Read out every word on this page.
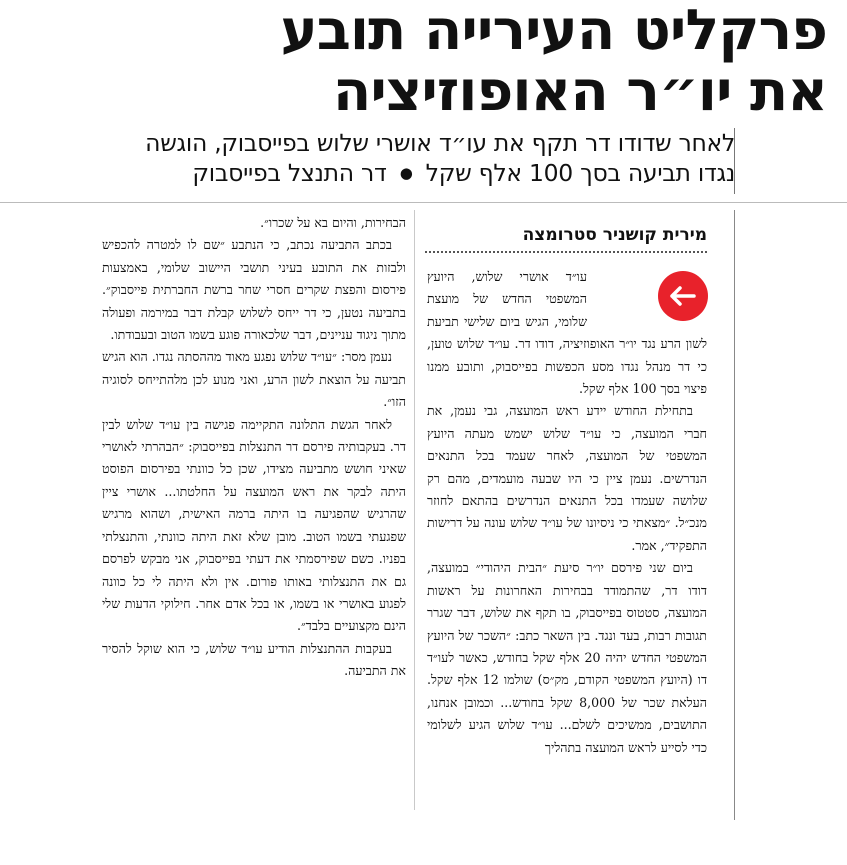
פרקליט העירייה תובע
את יו״ר האופוזיציה
לאחר שדודו דר תקף את עו״ד אושרי שלוש בפייסבוק, הוגשה
נגדו תביעה בסך 100 אלף שקל ● דר התנצל בפייסבוק
מירית קושניר סטרומצה

עו״ד אושרי שלוש, היועץ המשפטי החדש של מועצת שלומי, הגיש ביום שלישי תביעת לשון הרע נגד יו״ר האופוזיציה, דודו דר. עו״ד שלוש טוען, כי דר מנהל נגדו מסע הכפשות בפייסבוק, ותובע ממנו פיצוי בסך 100 אלף שקל.

בתחילת החודש יידע ראש המועצה, גבי נעמן, את חברי המועצה, כי עו״ד שלוש ישמש מעתה היועץ המשפטי של המועצה, לאחר שעמד בכל התנאים הנדרשים. נעמן ציין כי היו שבעה מועמדים, מהם רק שלושה שעמדו בכל התנאים הנדרשים בהתאם לחוזר מנכ״ל. ״מצאתי כי ניסיונו של עו״ד שלוש עונה על דרישות התפקיד״, אמר.

ביום שני פירסם יו״ר סיעת ״הבית היהודי״ במועצה, דודו דר, שהתמודד בבחירות האחרונות על ראשות המועצה, סטטוס בפייסבוק, בו תקף את שלוש, דבר שגרר תגובות רבות, בעד ונגד. בין השאר כתב: ״השכר של היועץ המשפטי החדש יהיה 20 אלף שקל בחודש, כאשר לעו״ד דו (היועץ המשפטי הקודם, מק״ס) שולמו 12 אלף שקל. העלאת שכר של 8,000 שקל בחודש... וכמובן אנחנו, התושבים, ממשיכים לשלם... עו״ד שלוש הגיע לשלומי כדי לסייע לראש המועצה בתהליך

הבחירות, והיום בא על שכרו״.

בכתב התביעה נכתב, כי הנתבע ״שם לו למטרה להכפיש ולבזות את התובע בעיני תושבי היישוב שלומי, באמצעות פירסום והפצת שקרים חסרי שחר ברשת החברתית פייסבוק״. בתביעה נטען, כי דר ייחס לשלוש קבלת דבר במירמה ופעולה מתוך ניגוד עניינים, דבר שלכאורה פוגע בשמו הטוב ובעבודתו.

נעמן מסר: ״עו״ד שלוש נפגע מאוד מההסתה נגדו. הוא הגיש תביעה על הוצאת לשון הרע, ואני מנוע לכן מלהתייחס לסוגיה הזו״.

לאחר הגשת התלונה התקיימה פגישה בין עו״ד שלוש לבין דר. בעקבותיה פירסם דר התנצלות בפייסבוק: ״הבהרתי לאושרי שאיני חושש מתביעה מצידו, שכן כל כוונתי בפירסום הפוסט היתה לבקר את ראש המועצה על החלטתו... אושרי ציין שהרגיש שהפגיעה בו היתה ברמה האישית, ושהוא מרגיש שפגעתי בשמו הטוב. מובן שלא זאת היתה כוונתי, והתנצלתי בפניו. כשם שפירסמתי את דעתי בפייסבוק, אני מבקש לפרסם גם את התנצלותי באותו פורום. אין ולא היתה לי כל כוונה לפגוע באושרי או בשמו, או בכל אדם אחר. חילוקי הדעות שלי הינם מקצועיים בלבד״.

בעקבות ההתנצלות הודיע עו״ד שלוש, כי הוא שוקל להסיר את התביעה.
